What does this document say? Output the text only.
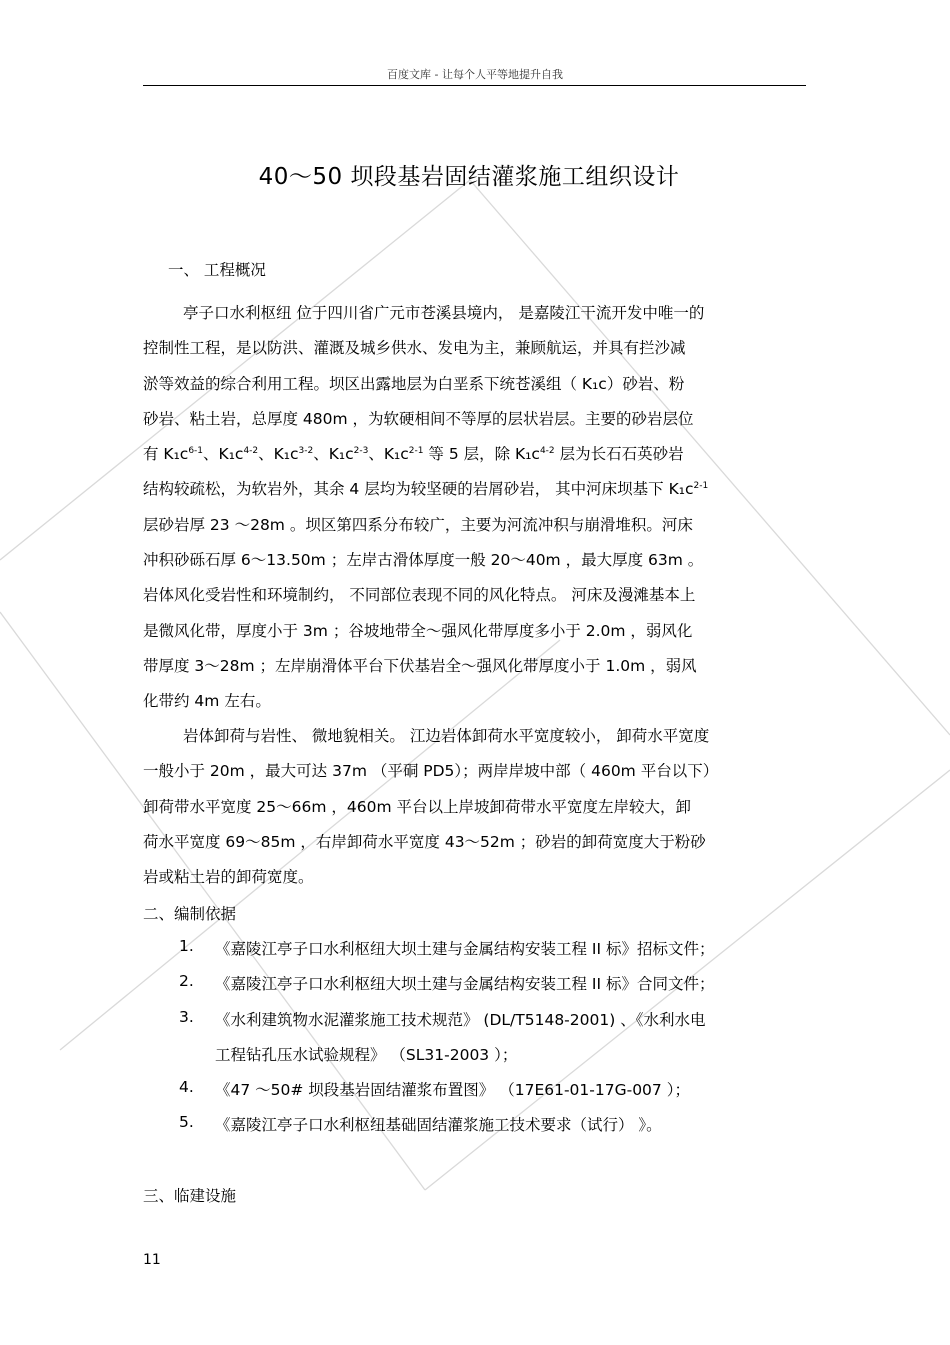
百度文库 - 让每个人平等地提升自我
40～50 坝段基岩固结灌浆施工组织设计
一、 工程概况
亭子口水利枢纽 位于四川省广元市苍溪县境内， 是嘉陵江干流开发中唯一的
控制性工程，是以防洪、灌溉及城乡供水、发电为主，兼顾航运，并具有拦沙减
淤等效益的综合利用工程。坝区出露地层为白垩系下统苍溪组（ K₁c）砂岩、粉
砂岩、粘土岩，总厚度 480m ，为软硬相间不等厚的层状岩层。主要的砂岩层位
有 $K_1c^{6-1}$、$K_1c^{4-2}$、$K_1c^{3-2}$、$K_1c^{2-3}$、$K_1c^{2-1}$ 等 5 层，除 $K_1c^{4-2}$ 层为长石石英砂岩
结构较疏松，为软岩外，其余 4 层均为较坚硬的岩屑砂岩， 其中河床坝基下 $K_1c^{2-1}$
层砂岩厚 23 ～28m 。坝区第四系分布较广，主要为河流冲积与崩滑堆积。河床
冲积砂砾石厚 6～13.50m ；左岸古滑体厚度一般 20～40m ，最大厚度 63m 。
岩体风化受岩性和环境制约， 不同部位表现不同的风化特点。 河床及漫滩基本上
是微风化带，厚度小于 3m ；谷坡地带全～强风化带厚度多小于 2.0m ，弱风化
带厚度 3～28m ；左岸崩滑体平台下伏基岩全～强风化带厚度小于 1.0m ，弱风
化带约 4m 左右。
岩体卸荷与岩性、 微地貌相关。 江边岩体卸荷水平宽度较小， 卸荷水平宽度
一般小于 20m ，最大可达 37m （平硐 PD5）；两岸岸坡中部（ 460m 平台以下）
卸荷带水平宽度 25～66m ，460m 平台以上岸坡卸荷带水平宽度左岸较大，卸
荷水平宽度 69～85m ，右岸卸荷水平宽度 43～52m ；砂岩的卸荷宽度大于粉砂
岩或粘土岩的卸荷宽度。
二、编制依据
1. 《嘉陵江亭子口水利枢纽大坝土建与金属结构安装工程 II 标》招标文件；
2. 《嘉陵江亭子口水利枢纽大坝土建与金属结构安装工程 II 标》合同文件；
3. 《水利建筑物水泥灌浆施工技术规范》 (DL/T5148-2001) 、《水利水电
工程钻孔压水试验规程》 （SL31-2003 ）；
4. 《47 ～50# 坝段基岩固结灌浆布置图》 （17E61-01-17G-007 ）；
5. 《嘉陵江亭子口水利枢纽基础固结灌浆施工技术要求（试行） 》。
三、临建设施
11
